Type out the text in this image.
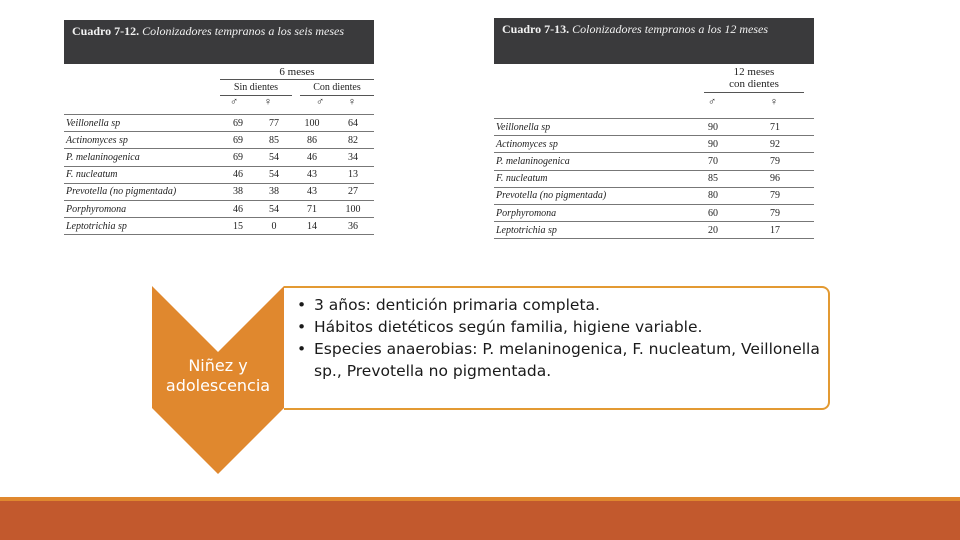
Cuadro 7-12. Colonizadores tempranos a los seis meses
6 meses
Sin dientes	Con dientes
♂	♀	♂	♀
Veillonella sp	69	77	100	64
Actinomyces sp	69	85	86	82
P. melaninogenica	69	54	46	34
F. nucleatum	46	54	43	13
Prevotella (no pigmentada)	38	38	43	27
Porphyromona	46	54	71	100
Leptotrichia sp	15	0	14	36
Cuadro 7-13. Colonizadores tempranos a los 12 meses
12 meses
con dientes
♂	♀
Veillonella sp	90	71
Actinomyces sp	90	92
P. melaninogenica	70	79
F. nucleatum	85	96
Prevotella (no pigmentada)	80	79
Porphyromona	60	79
Leptotrichia sp	20	17
Niñez y
adolescencia
• 3 años: dentición primaria completa.
• Hábitos dietéticos según familia, higiene variable.
• Especies anaerobias: P. melaninogenica, F. nucleatum, Veillonella sp., Prevotella no pigmentada.
